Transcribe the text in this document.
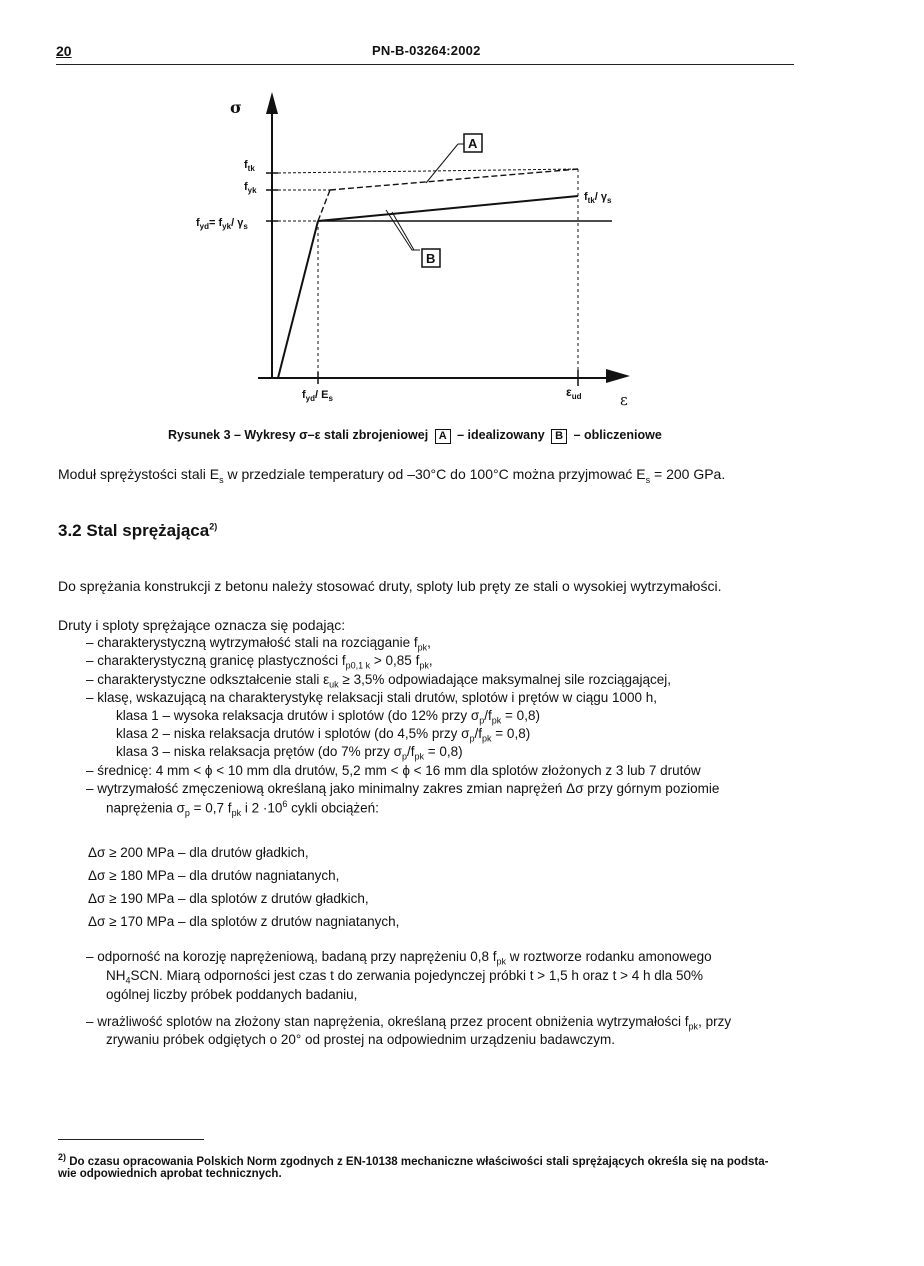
20	PN-B-03264:2002
A
B
σ
ε
$f_{tk}$
$f_{yk}$
$f_{yd}= f_{yk}/$ $\gamma_s$
$f_{tk}/$ $\gamma_s$
$f_{yd}/$ $E_s$	$\varepsilon_{ud}$
Rysunek 3 – Wykresy σ–ε stali zbrojeniowej A – idealizowany B – obliczeniowe
Moduł sprężystości stali $E_s$ w przedziale temperatury od –30°C do 100°C można przyjmować $E_s = 200$ GPa.
3.2 Stal sprężająca$^{2)}$
Do sprężania konstrukcji z betonu należy stosować druty, sploty lub pręty ze stali o wysokiej wytrzymałości.
Druty i sploty sprężające oznacza się podając:
– charakterystyczną wytrzymałość stali na rozciąganie $f_{pk}$,
– charakterystyczną granicę plastyczności $f_{p0,1 k} > 0,85$ $f_{pk}$,
– charakterystyczne odkształcenie stali $\varepsilon_{uk} \ge 3,5\%$ odpowiadające maksymalnej sile rozciągającej,
– klasę, wskazującą na charakterystykę relaksacji stali drutów, splotów i prętów w ciągu 1000 h,
klasa 1 – wysoka relaksacja drutów i splotów (do 12% przy $\sigma_p/f_{pk} = 0,8$)
klasa 2 – niska relaksacja drutów i splotów (do 4,5% przy $\sigma_p/f_{pk} = 0,8$)
klasa 3 – niska relaksacja prętów (do 7% przy $\sigma_p/f_{pk} = 0,8$)
– średnicę: 4 mm < ϕ < 10 mm dla drutów, 5,2 mm < ϕ < 16 mm dla splotów złożonych z 3 lub 7 drutów
– wytrzymałość zmęczeniową określaną jako minimalny zakres zmian naprężeń Δσ przy górnym poziomie
naprężenia $\sigma_p = 0,7$ $f_{pk}$ i $2 \cdot 10^6$ cykli obciążeń:
Δσ ≥ 200 MPa – dla drutów gładkich,
Δσ ≥ 180 MPa – dla drutów nagniatanych,
Δσ ≥ 190 MPa – dla splotów z drutów gładkich,
Δσ ≥ 170 MPa – dla splotów z drutów nagniatanych,
– odporność na korozję naprężeniową, badaną przy naprężeniu 0,8 $f_{pk}$ w roztworze rodanku amonowego
$NH_4SCN$. Miarą odporności jest czas t do zerwania pojedynczej próbki t > 1,5 h oraz t > 4 h dla 50%
ogólnej liczby próbek poddanych badaniu,
– wrażliwość splotów na złożony stan naprężenia, określaną przez procent obniżenia wytrzymałości $f_{pk}$, przy
zrywaniu próbek odgiętych o 20° od prostej na odpowiednim urządzeniu badawczym.
$^{2)}$ Do czasu opracowania Polskich Norm zgodnych z EN-10138 mechaniczne właściwości stali sprężających określa się na podsta-
wie odpowiednich aprobat technicznych.
